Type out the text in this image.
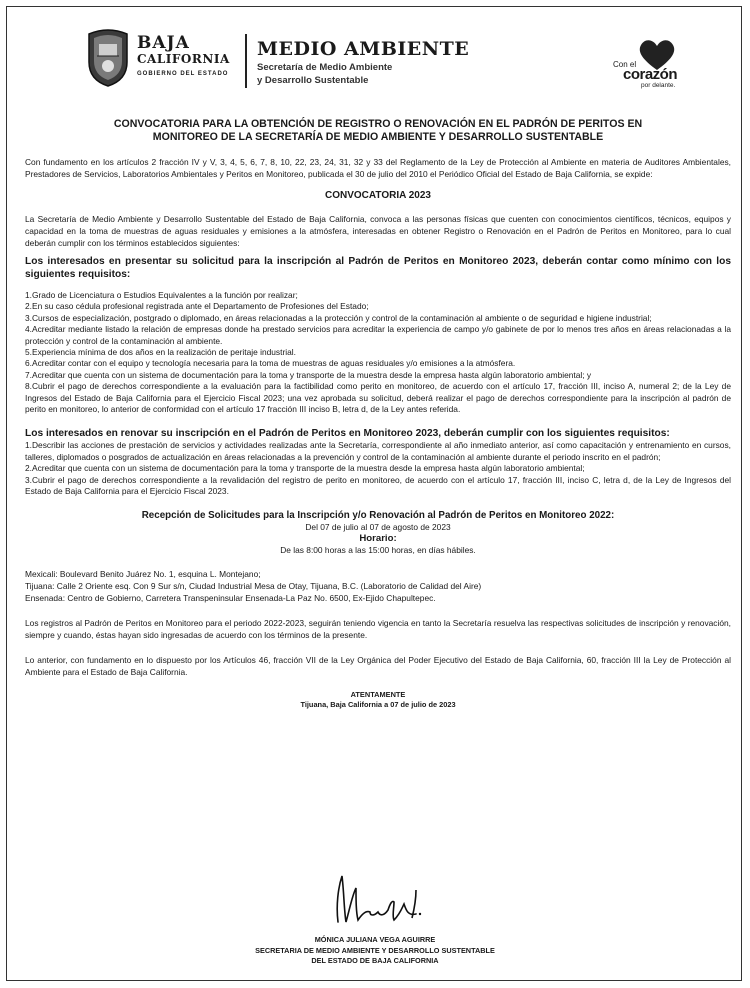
BAJA
CALIFORNIA
GOBIERNO DEL ESTADO
MEDIO AMBIENTE
Secretaría de Medio Ambiente
y Desarrollo Sustentable
Con el
corazón
por delante.
CONVOCATORIA PARA LA OBTENCIÓN DE REGISTRO O RENOVACIÓN EN EL PADRÓN DE PERITOS EN
MONITOREO DE LA SECRETARÍA DE MEDIO AMBIENTE Y DESARROLLO SUSTENTABLE

Con fundamento en los artículos 2 fracción IV y V, 3, 4, 5, 6, 7, 8, 10, 22, 23, 24, 31, 32 y 33 del Reglamento de la Ley de Protección al Ambiente en materia de Auditores Ambientales, Prestadores de Servicios, Laboratorios Ambientales y Peritos en Monitoreo, publicada el 30 de julio del 2010 el Periódico Oficial del Estado de Baja California, se expide:

CONVOCATORIA 2023

La Secretaría de Medio Ambiente y Desarrollo Sustentable del Estado de Baja California, convoca a las personas físicas que cuenten con conocimientos científicos, técnicos, equipos y capacidad en la toma de muestras de aguas residuales y emisiones a la atmósfera, interesadas en obtener Registro o Renovación en el Padrón de Peritos en Monitoreo, para lo cual deberán cumplir con los términos establecidos siguientes:

Los interesados en presentar su solicitud para la inscripción al Padrón de Peritos en Monitoreo 2023, deberán contar como mínimo con los siguientes requisitos:
1.Grado de Licenciatura o Estudios Equivalentes a la función por realizar;
2.En su caso cédula profesional registrada ante el Departamento de Profesiones del Estado;
3.Cursos de especialización, postgrado o diplomado, en áreas relacionadas a la protección y control de la contaminación al ambiente o de seguridad e higiene industrial;
4.Acreditar mediante listado la relación de empresas donde ha prestado servicios para acreditar la experiencia de campo y/o gabinete de por lo menos tres años en áreas relacionadas a la protección y control de la contaminación al ambiente.
5.Experiencia mínima de dos años en la realización de peritaje industrial.
6.Acreditar contar con el equipo y tecnología necesaria para la toma de muestras de aguas residuales y/o emisiones a la atmósfera.
7.Acreditar que cuenta con un sistema de documentación para la toma y transporte de la muestra desde la empresa hasta algún laboratorio ambiental; y
8.Cubrir el pago de derechos correspondiente a la evaluación para la factibilidad como perito en monitoreo, de acuerdo con el artículo 17, fracción III, inciso A, numeral 2; de la Ley de Ingresos del Estado de Baja California para el Ejercicio Fiscal 2023; una vez aprobada su solicitud, deberá realizar el pago de derechos correspondiente para la inscripción al padrón de perito en monitoreo, lo anterior de conformidad con el artículo 17 fracción III inciso B, letra d, de la Ley antes referida.
Los interesados en renovar su inscripción en el Padrón de Peritos en Monitoreo 2023, deberán cumplir con los siguientes requisitos:
1.Describir las acciones de prestación de servicios y actividades realizadas ante la Secretaría, correspondiente al año inmediato anterior, así como capacitación y entrenamiento en cursos, talleres, diplomados o posgrados de actualización en áreas relacionadas a la prevención y control de la contaminación al ambiente durante el periodo inscrito en el padrón;
2.Acreditar que cuenta con un sistema de documentación para la toma y transporte de la muestra desde la empresa hasta algún laboratorio ambiental;
3.Cubrir el pago de derechos correspondiente a la revalidación del registro de perito en monitoreo, de acuerdo con el artículo 17, fracción III, inciso C, letra d, de la Ley de Ingresos del Estado de Baja California para el Ejercicio Fiscal 2023.
Recepción de Solicitudes para la Inscripción y/o Renovación al Padrón de Peritos en Monitoreo 2022:
Del 07 de julio al 07 de agosto de 2023
Horario:
De las 8:00 horas a las 15:00 horas, en días hábiles.

Mexicali: Boulevard Benito Juárez No. 1, esquina L. Montejano;

Tijuana: Calle 2 Oriente esq. Con 9 Sur s/n, Ciudad Industrial Mesa de Otay, Tijuana, B.C. (Laboratorio de Calidad del Aire)

Ensenada: Centro de Gobierno, Carretera Transpeninsular Ensenada-La Paz No. 6500, Ex-Ejido Chapultepec.

Los registros al Padrón de Peritos en Monitoreo para el periodo 2022-2023, seguirán teniendo vigencia en tanto la Secretaría resuelva las respectivas solicitudes de inscripción y renovación, siempre y cuando, éstas hayan sido ingresadas de acuerdo con los términos de la presente.

Lo anterior, con fundamento en lo dispuesto por los Artículos 46, fracción VII de la Ley Orgánica del Poder Ejecutivo del Estado de Baja California, 60, fracción III la Ley de Protección al Ambiente para el Estado de Baja California.

ATENTAMENTE
Tijuana, Baja California a 07 de julio de 2023
MÓNICA JULIANA VEGA AGUIRRE
SECRETARIA DE MEDIO AMBIENTE Y DESARROLLO SUSTENTABLE
DEL ESTADO DE BAJA CALIFORNIA
